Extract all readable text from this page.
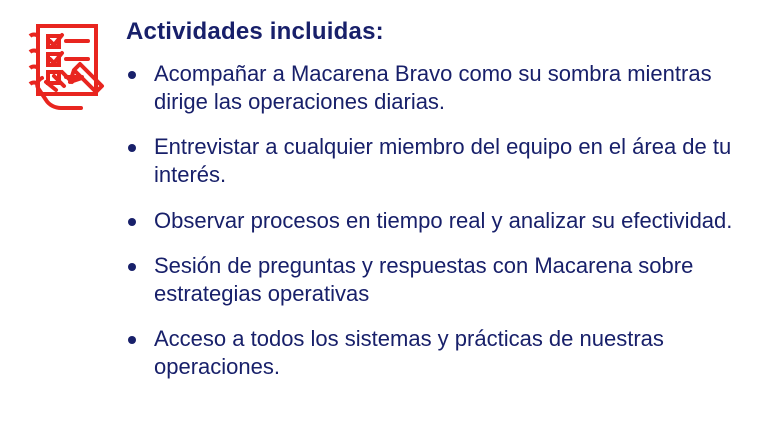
Actividades incluidas:
Acompañar a Macarena Bravo como su sombra mientras dirige las operaciones diarias.
Entrevistar a cualquier miembro del equipo en el área de tu interés.
Observar procesos en tiempo real y analizar su efectividad.
Sesión de preguntas y respuestas con Macarena sobre estrategias operativas
Acceso a todos los sistemas y prácticas de nuestras operaciones.
